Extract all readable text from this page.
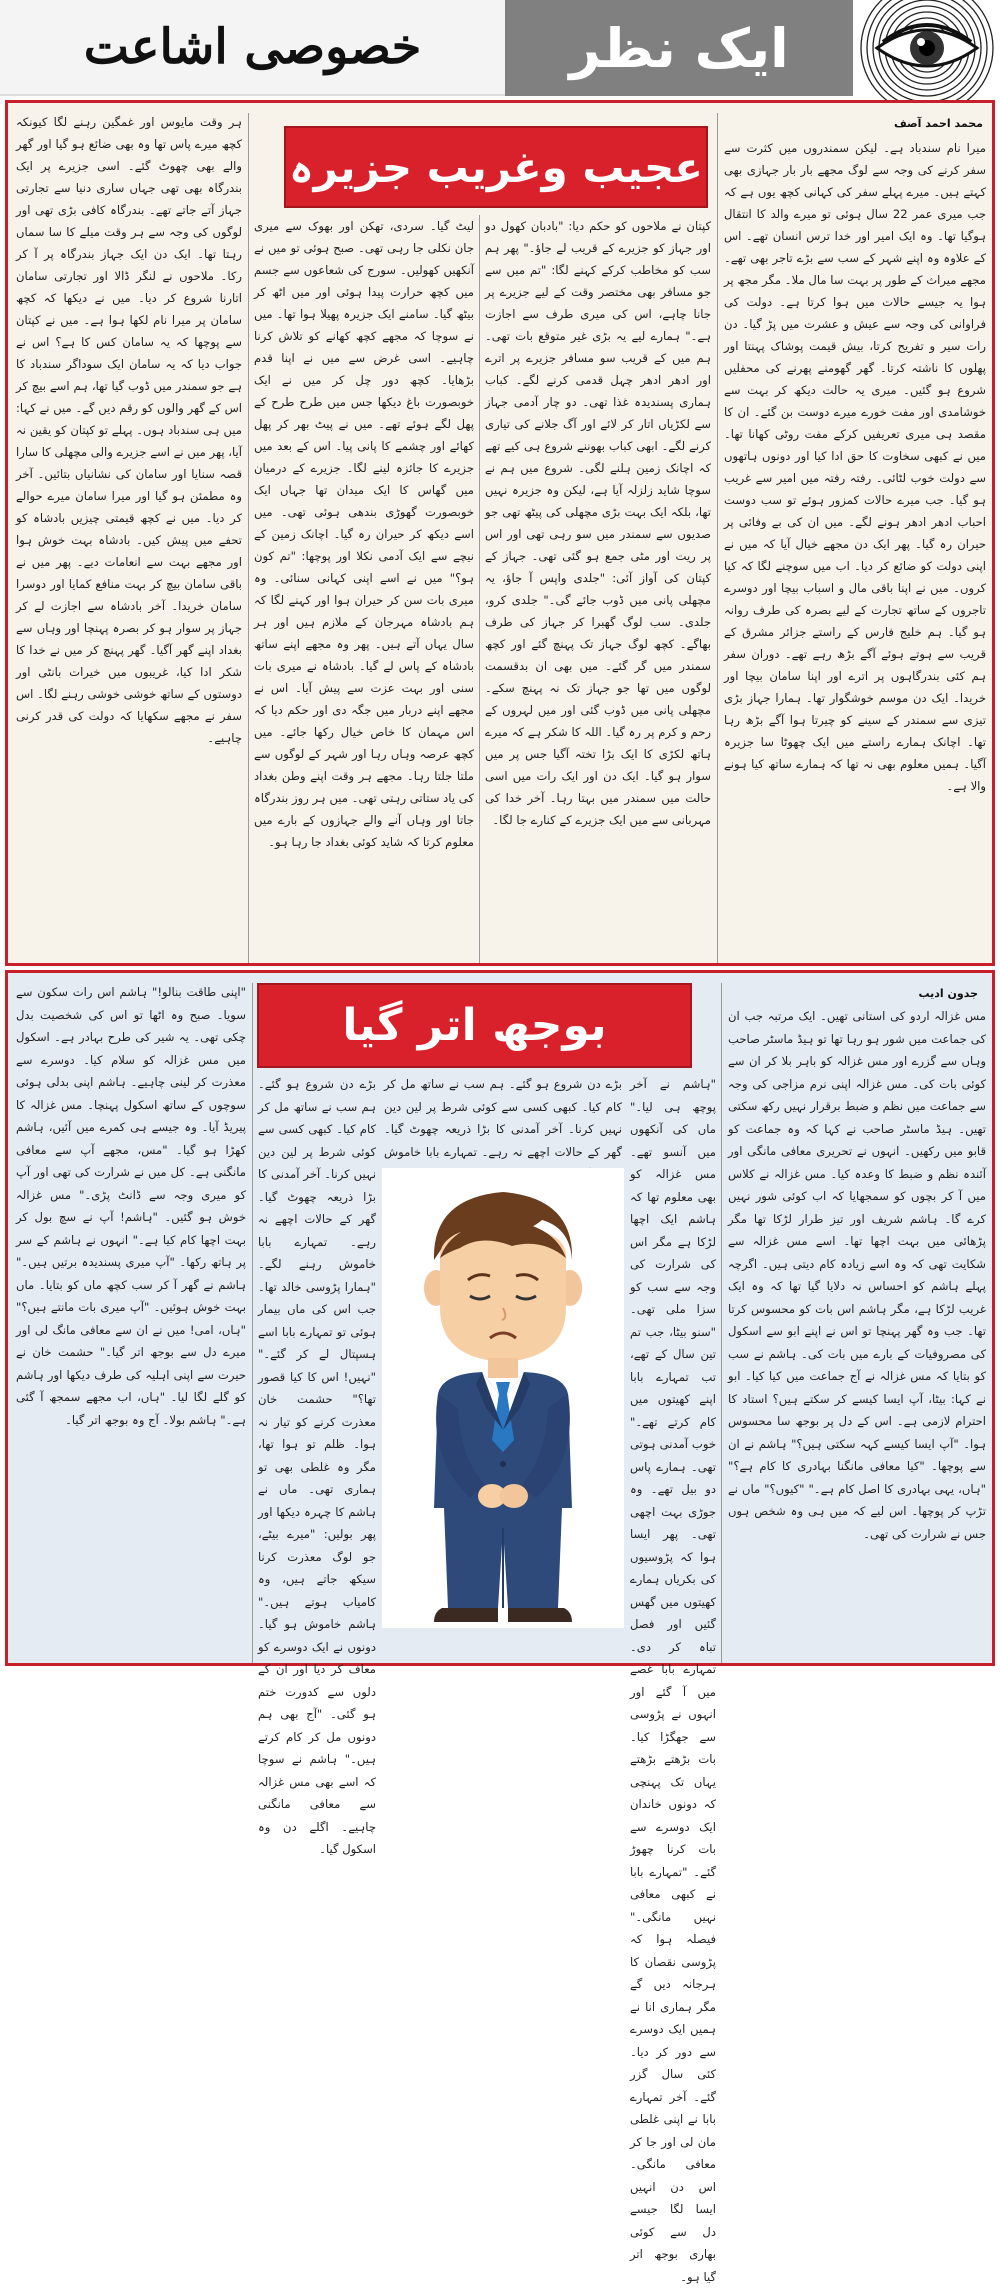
خصوصی اشاعت	ایک نظر
عجیب وغریب جزیرہ
محمد احمد آصف
میرا نام سندباد ہے۔ لیکن سمندروں میں کثرت سے سفر کرنے کی وجہ سے لوگ مجھے بار بار جہازی بھی کہتے ہیں۔ میرے پہلے سفر کی کہانی کچھ یوں ہے کہ جب میری عمر 22 سال ہوئی تو میرے والد کا انتقال ہوگیا تھا۔ وہ ایک امیر اور خدا ترس انسان تھے۔ اس کے علاوہ وہ اپنے شہر کے سب سے بڑے تاجر بھی تھے۔ مجھے میراث کے طور پر بہت سا مال ملا۔ مگر مجھ پر ہوا یہ جیسے حالات میں ہوا کرتا ہے۔ دولت کی فراوانی کی وجہ سے عیش و عشرت میں پڑ گیا۔ دن رات سیر و تفریح کرتا، بیش قیمت پوشاک پہنتا اور پھلوں کا ناشتہ کرتا۔ گھر گھومنے پھرنے کی محفلیں شروع ہو گئیں۔ میری یہ حالت دیکھ کر بہت سے خوشامدی اور مفت خورے میرے دوست بن گئے۔ ان کا مقصد ہی میری تعریفیں کرکے مفت روٹی کھانا تھا۔ میں نے کبھی سخاوت کا حق ادا کیا اور دونوں ہاتھوں سے دولت خوب لٹائی۔ رفتہ رفتہ میں امیر سے غریب ہو گیا۔ جب میرے حالات کمزور ہوئے تو سب دوست احباب ادھر ادھر ہونے لگے۔ میں ان کی بے وفائی پر حیران رہ گیا۔ پھر ایک دن مجھے خیال آیا کہ میں نے اپنی دولت کو ضائع کر دیا۔ اب میں سوچنے لگا کہ کیا کروں۔ میں نے اپنا باقی مال و اسباب بیچا اور دوسرے تاجروں کے ساتھ تجارت کے لیے بصرہ کی طرف روانہ ہو گیا۔ ہم خلیج فارس کے راستے جزائر مشرق کے قریب سے ہوتے ہوئے آگے بڑھ رہے تھے۔ دوران سفر ہم کئی بندرگاہوں پر اترے اور اپنا سامان بیچا اور خریدا۔ ایک دن موسم خوشگوار تھا۔ ہمارا جہاز بڑی تیزی سے سمندر کے سینے کو چیرتا ہوا آگے بڑھ رہا تھا۔ اچانک ہمارے راستے میں ایک چھوٹا سا جزیرہ آگیا۔ ہمیں معلوم بھی نہ تھا کہ ہمارے ساتھ کیا ہونے والا ہے۔
کپتان نے ملاحوں کو حکم دیا: "بادبان کھول دو اور جہاز کو جزیرے کے قریب لے جاؤ۔" پھر ہم سب کو مخاطب کرکے کہنے لگا: "تم میں سے جو مسافر بھی مختصر وقت کے لیے جزیرے پر جانا چاہے، اس کی میری طرف سے اجازت ہے۔" ہمارے لیے یہ بڑی غیر متوقع بات تھی۔ ہم میں کے قریب سو مسافر جزیرے پر اترے اور ادھر ادھر چہل قدمی کرنے لگے۔ کباب ہماری پسندیدہ غذا تھی۔ دو چار آدمی جہاز سے لکڑیاں اتار کر لائے اور آگ جلانے کی تیاری کرنے لگے۔ ابھی کباب بھوننے شروع ہی کیے تھے کہ اچانک زمین ہلنے لگی۔ شروع میں ہم نے سوچا شاید زلزلہ آیا ہے، لیکن وہ جزیرہ نہیں تھا، بلکہ ایک بہت بڑی مچھلی کی پیٹھ تھی جو صدیوں سے سمندر میں سو رہی تھی اور اس پر ریت اور مٹی جمع ہو گئی تھی۔ جہاز کے کپتان کی آواز آئی: "جلدی واپس آ جاؤ، یہ مچھلی پانی میں ڈوب جائے گی۔" جلدی کرو، جلدی۔ سب لوگ گھبرا کر جہاز کی طرف بھاگے۔ کچھ لوگ جہاز تک پہنچ گئے اور کچھ سمندر میں گر گئے۔ میں بھی ان بدقسمت لوگوں میں تھا جو جہاز تک نہ پہنچ سکے۔ مچھلی پانی میں ڈوب گئی اور میں لہروں کے رحم و کرم پر رہ گیا۔ اللہ کا شکر ہے کہ میرے ہاتھ لکڑی کا ایک بڑا تختہ آگیا جس پر میں سوار ہو گیا۔ ایک دن اور ایک رات میں اسی حالت میں سمندر میں بہتا رہا۔ آخر خدا کی مہربانی سے میں ایک جزیرے کے کنارے جا لگا۔
لیٹ گیا۔ سردی، تھکن اور بھوک سے میری جان نکلی جا رہی تھی۔ صبح ہوئی تو میں نے آنکھیں کھولیں۔ سورج کی شعاعوں سے جسم میں کچھ حرارت پیدا ہوئی اور میں اٹھ کر بیٹھ گیا۔ سامنے ایک جزیرہ پھیلا ہوا تھا۔ میں نے سوچا کہ مجھے کچھ کھانے کو تلاش کرنا چاہیے۔ اسی غرض سے میں نے اپنا قدم بڑھایا۔ کچھ دور چل کر میں نے ایک خوبصورت باغ دیکھا جس میں طرح طرح کے پھل لگے ہوئے تھے۔ میں نے پیٹ بھر کر پھل کھائے اور چشمے کا پانی پیا۔ اس کے بعد میں جزیرے کا جائزہ لینے لگا۔ جزیرے کے درمیان میں گھاس کا ایک میدان تھا جہاں ایک خوبصورت گھوڑی بندھی ہوئی تھی۔ میں اسے دیکھ کر حیران رہ گیا۔ اچانک زمین کے نیچے سے ایک آدمی نکلا اور پوچھا: "تم کون ہو؟" میں نے اسے اپنی کہانی سنائی۔ وہ میری بات سن کر حیران ہوا اور کہنے لگا کہ ہم بادشاہ مہرجان کے ملازم ہیں اور ہر سال یہاں آتے ہیں۔ پھر وہ مجھے اپنے ساتھ بادشاہ کے پاس لے گیا۔ بادشاہ نے میری بات سنی اور بہت عزت سے پیش آیا۔ اس نے مجھے اپنے دربار میں جگہ دی اور حکم دیا کہ اس مہمان کا خاص خیال رکھا جائے۔ میں کچھ عرصہ وہاں رہا اور شہر کے لوگوں سے ملتا جلتا رہا۔ مجھے ہر وقت اپنے وطن بغداد کی یاد ستاتی رہتی تھی۔ میں ہر روز بندرگاہ جاتا اور وہاں آنے والے جہازوں کے بارے میں معلوم کرتا کہ شاید کوئی بغداد جا رہا ہو۔
ہر وقت مایوس اور غمگین رہنے لگا کیونکہ کچھ میرے پاس تھا وہ بھی ضائع ہو گیا اور گھر والے بھی چھوٹ گئے۔ اسی جزیرے پر ایک بندرگاہ بھی تھی جہاں ساری دنیا سے تجارتی جہاز آتے جاتے تھے۔ بندرگاہ کافی بڑی تھی اور لوگوں کی وجہ سے ہر وقت میلے کا سا سماں رہتا تھا۔ ایک دن ایک جہاز بندرگاہ پر آ کر رکا۔ ملاحوں نے لنگر ڈالا اور تجارتی سامان اتارنا شروع کر دیا۔ میں نے دیکھا کہ کچھ سامان پر میرا نام لکھا ہوا ہے۔ میں نے کپتان سے پوچھا کہ یہ سامان کس کا ہے؟ اس نے جواب دیا کہ یہ سامان ایک سوداگر سندباد کا ہے جو سمندر میں ڈوب گیا تھا، ہم اسے بیچ کر اس کے گھر والوں کو رقم دیں گے۔ میں نے کہا: میں ہی سندباد ہوں۔ پہلے تو کپتان کو یقین نہ آیا، پھر میں نے اسے جزیرے والی مچھلی کا سارا قصہ سنایا اور سامان کی نشانیاں بتائیں۔ آخر وہ مطمئن ہو گیا اور میرا سامان میرے حوالے کر دیا۔ میں نے کچھ قیمتی چیزیں بادشاہ کو تحفے میں پیش کیں۔ بادشاہ بہت خوش ہوا اور مجھے بہت سے انعامات دیے۔ پھر میں نے باقی سامان بیچ کر بہت منافع کمایا اور دوسرا سامان خریدا۔ آخر بادشاہ سے اجازت لے کر جہاز پر سوار ہو کر بصرہ پہنچا اور وہاں سے بغداد اپنے گھر آگیا۔ گھر پہنچ کر میں نے خدا کا شکر ادا کیا، غریبوں میں خیرات بانٹی اور دوستوں کے ساتھ خوشی خوشی رہنے لگا۔ اس سفر نے مجھے سکھایا کہ دولت کی قدر کرنی چاہیے۔
بوجھ اتر گیا
جدون ادیب
مس غزالہ اردو کی استانی تھیں۔ ایک مرتبہ جب ان کی جماعت میں شور ہو رہا تھا تو ہیڈ ماسٹر صاحب وہاں سے گزرے اور مس غزالہ کو باہر بلا کر ان سے کوئی بات کی۔ مس غزالہ اپنی نرم مزاجی کی وجہ سے جماعت میں نظم و ضبط برقرار نہیں رکھ سکتی تھیں۔ ہیڈ ماسٹر صاحب نے کہا کہ وہ جماعت کو قابو میں رکھیں۔ انہوں نے تحریری معافی مانگی اور آئندہ نظم و ضبط کا وعدہ کیا۔ مس غزالہ نے کلاس میں آ کر بچوں کو سمجھایا کہ اب کوئی شور نہیں کرے گا۔ ہاشم شریف اور تیز طرار لڑکا تھا مگر پڑھائی میں بہت اچھا تھا۔ اسے مس غزالہ سے شکایت تھی کہ وہ اسے زیادہ کام دیتی ہیں۔ اگرچہ پہلے ہاشم کو احساس نہ دلایا گیا تھا کہ وہ ایک غریب لڑکا ہے، مگر ہاشم اس بات کو محسوس کرتا تھا۔ جب وہ گھر پہنچا تو اس نے اپنے ابو سے اسکول کی مصروفیات کے بارے میں بات کی۔ ہاشم نے سب کو بتایا کہ مس غزالہ نے آج جماعت میں کیا کیا۔ ابو نے کہا: بیٹا، آپ ایسا کیسے کر سکتے ہیں؟ استاد کا احترام لازمی ہے۔ اس کے دل پر بوجھ سا محسوس ہوا۔ "آپ ایسا کیسے کہہ سکتی ہیں؟" ہاشم نے ان سے پوچھا۔ "کیا معافی مانگنا بہادری کا کام ہے؟" "ہاں، یہی بہادری کا اصل کام ہے۔" "کیوں؟" ماں نے تڑپ کر پوچھا۔ اس لیے کہ میں ہی وہ شخص ہوں جس نے شرارت کی تھی۔
"ہاشم نے آخر پوچھ ہی لیا۔" ماں کی آنکھوں میں آنسو تھے۔ مس غزالہ کو بھی معلوم تھا کہ ہاشم ایک اچھا لڑکا ہے مگر اس کی شرارت کی وجہ سے سب کو سزا ملی تھی۔ "سنو بیٹا، جب تم تین سال کے تھے، تب تمہارے بابا اپنے کھیتوں میں کام کرتے تھے۔" خوب آمدنی ہوتی تھی۔ ہمارے پاس دو بیل تھے۔ وہ جوڑی بہت اچھی تھی۔ پھر ایسا ہوا کہ پڑوسیوں کی بکریاں ہمارے کھیتوں میں گھس گئیں اور فصل تباہ کر دی۔ تمہارے بابا غصے میں آ گئے اور انہوں نے پڑوسی سے جھگڑا کیا۔ بات بڑھتے بڑھتے یہاں تک پہنچی کہ دونوں خاندان ایک دوسرے سے بات کرنا چھوڑ گئے۔ "تمہارے بابا نے کبھی معافی نہیں مانگی۔" فیصلہ ہوا کہ پڑوسی نقصان کا ہرجانہ دیں گے مگر ہماری انا نے ہمیں ایک دوسرے سے دور کر دیا۔ کئی سال گزر گئے۔ آخر تمہارے بابا نے اپنی غلطی مان لی اور جا کر معافی مانگی۔ اس دن انہیں ایسا لگا جیسے دل سے کوئی بھاری بوجھ اتر گیا ہو۔
بڑے دن شروع ہو گئے۔ ہم سب نے ساتھ مل کر کام کیا۔ کبھی کسی سے کوئی شرط پر لین دین نہیں کرنا۔ آخر آمدنی کا بڑا ذریعہ چھوٹ گیا۔ گھر کے حالات اچھے نہ رہے۔ تمہارے بابا خاموش
بڑے دن شروع ہو گئے۔ ہم سب نے ساتھ مل کر کام کیا۔ کبھی کسی سے کوئی شرط پر لین دین نہیں کرنا۔ آخر آمدنی کا بڑا ذریعہ چھوٹ گیا۔ گھر کے حالات اچھے نہ رہے۔ تمہارے بابا خاموش رہنے لگے۔ "ہمارا پڑوسی خالد تھا۔ جب اس کی ماں بیمار ہوئی تو تمہارے بابا اسے ہسپتال لے کر گئے۔" "نہیں! اس کا کیا قصور تھا؟" حشمت خان معذرت کرنے کو تیار نہ ہوا۔ ظلم تو ہوا تھا، مگر وہ غلطی بھی تو ہماری تھی۔ ماں نے ہاشم کا چہرہ دیکھا اور پھر بولیں: "میرے بیٹے، جو لوگ معذرت کرنا سیکھ جاتے ہیں، وہ کامیاب ہوتے ہیں۔" ہاشم خاموش ہو گیا۔ دونوں نے ایک دوسرے کو معاف کر دیا اور ان کے دلوں سے کدورت ختم ہو گئی۔ "آج بھی ہم دونوں مل کر کام کرتے ہیں۔" ہاشم نے سوچا کہ اسے بھی مس غزالہ سے معافی مانگنی چاہیے۔ اگلے دن وہ اسکول گیا۔
"اپنی طاقت بنالو!" ہاشم اس رات سکون سے سویا۔ صبح وہ اٹھا تو اس کی شخصیت بدل چکی تھی۔ یہ شیر کی طرح بہادر ہے۔ اسکول میں مس غزالہ کو سلام کیا۔ دوسرے سے معذرت کر لینی چاہیے۔ ہاشم اپنی بدلی ہوئی سوچوں کے ساتھ اسکول پہنچا۔ مس غزالہ کا پیریڈ آیا۔ وہ جیسے ہی کمرے میں آئیں، ہاشم کھڑا ہو گیا۔ "مس، مجھے آپ سے معافی مانگنی ہے۔ کل میں نے شرارت کی تھی اور آپ کو میری وجہ سے ڈانٹ پڑی۔" مس غزالہ خوش ہو گئیں۔ "ہاشم! آپ نے سچ بول کر بہت اچھا کام کیا ہے۔" انہوں نے ہاشم کے سر پر ہاتھ رکھا۔ "آپ میری پسندیدہ برتیں ہیں۔" ہاشم نے گھر آ کر سب کچھ ماں کو بتایا۔ ماں بہت خوش ہوئیں۔ "آپ میری بات مانتے ہیں؟" "ہاں، امی! میں نے ان سے معافی مانگ لی اور میرے دل سے بوجھ اتر گیا۔" حشمت خان نے حیرت سے اپنی اہلیہ کی طرف دیکھا اور ہاشم کو گلے لگا لیا۔ "ہاں، اب مجھے سمجھ آ گئی ہے۔" ہاشم بولا۔ آج وہ بوجھ اتر گیا۔
